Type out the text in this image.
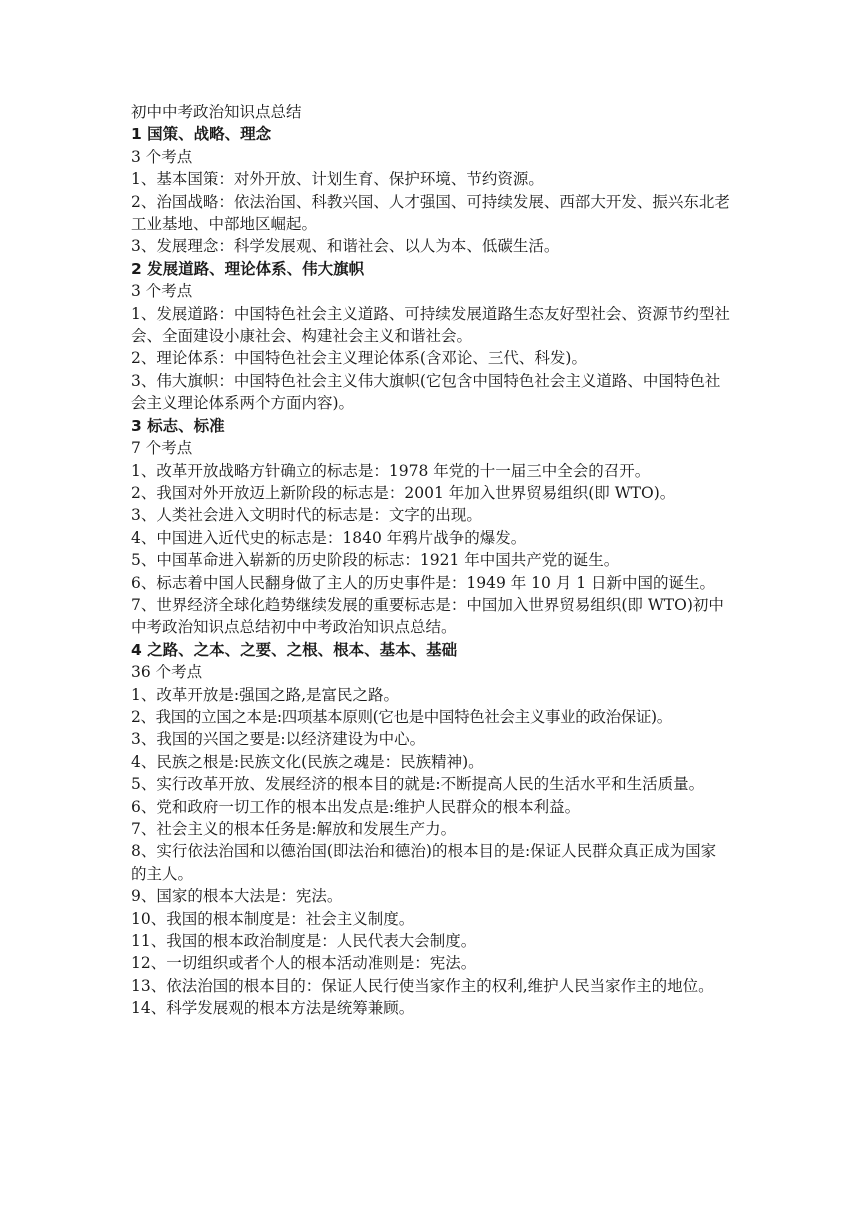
初中中考政治知识点总结
1 国策、战略、理念
3 个考点
1、基本国策：对外开放、计划生育、保护环境、节约资源。
2、治国战略：依法治国、科教兴国、人才强国、可持续发展、西部大开发、振兴东北老工业基地、中部地区崛起。
3、发展理念：科学发展观、和谐社会、以人为本、低碳生活。
2 发展道路、理论体系、伟大旗帜
3 个考点
1、发展道路：中国特色社会主义道路、可持续发展道路生态友好型社会、资源节约型社会、全面建设小康社会、构建社会主义和谐社会。
2、理论体系：中国特色社会主义理论体系(含邓论、三代、科发)。
3、伟大旗帜：中国特色社会主义伟大旗帜(它包含中国特色社会主义道路、中国特色社会主义理论体系两个方面内容)。
3 标志、标准
7 个考点
1、改革开放战略方针确立的标志是：1978 年党的十一届三中全会的召开。
2、我国对外开放迈上新阶段的标志是：2001 年加入世界贸易组织(即 WTO)。
3、人类社会进入文明时代的标志是：文字的出现。
4、中国进入近代史的标志是：1840 年鸦片战争的爆发。
5、中国革命进入崭新的历史阶段的标志：1921 年中国共产党的诞生。
6、标志着中国人民翻身做了主人的历史事件是：1949 年 10 月 1 日新中国的诞生。
7、世界经济全球化趋势继续发展的重要标志是：中国加入世界贸易组织(即 WTO)初中中考政治知识点总结初中中考政治知识点总结。
4 之路、之本、之要、之根、根本、基本、基础
36 个考点
1、改革开放是:强国之路,是富民之路。
2、我国的立国之本是:四项基本原则(它也是中国特色社会主义事业的政治保证)。
3、我国的兴国之要是:以经济建设为中心。
4、民族之根是:民族文化(民族之魂是：民族精神)。
5、实行改革开放、发展经济的根本目的就是:不断提高人民的生活水平和生活质量。
6、党和政府一切工作的根本出发点是:维护人民群众的根本利益。
7、社会主义的根本任务是:解放和发展生产力。
8、实行依法治国和以德治国(即法治和德治)的根本目的是:保证人民群众真正成为国家的主人。
9、国家的根本大法是：宪法。
10、我国的根本制度是：社会主义制度。
11、我国的根本政治制度是：人民代表大会制度。
12、一切组织或者个人的根本活动准则是：宪法。
13、依法治国的根本目的：保证人民行使当家作主的权利,维护人民当家作主的地位。
14、科学发展观的根本方法是统筹兼顾。
